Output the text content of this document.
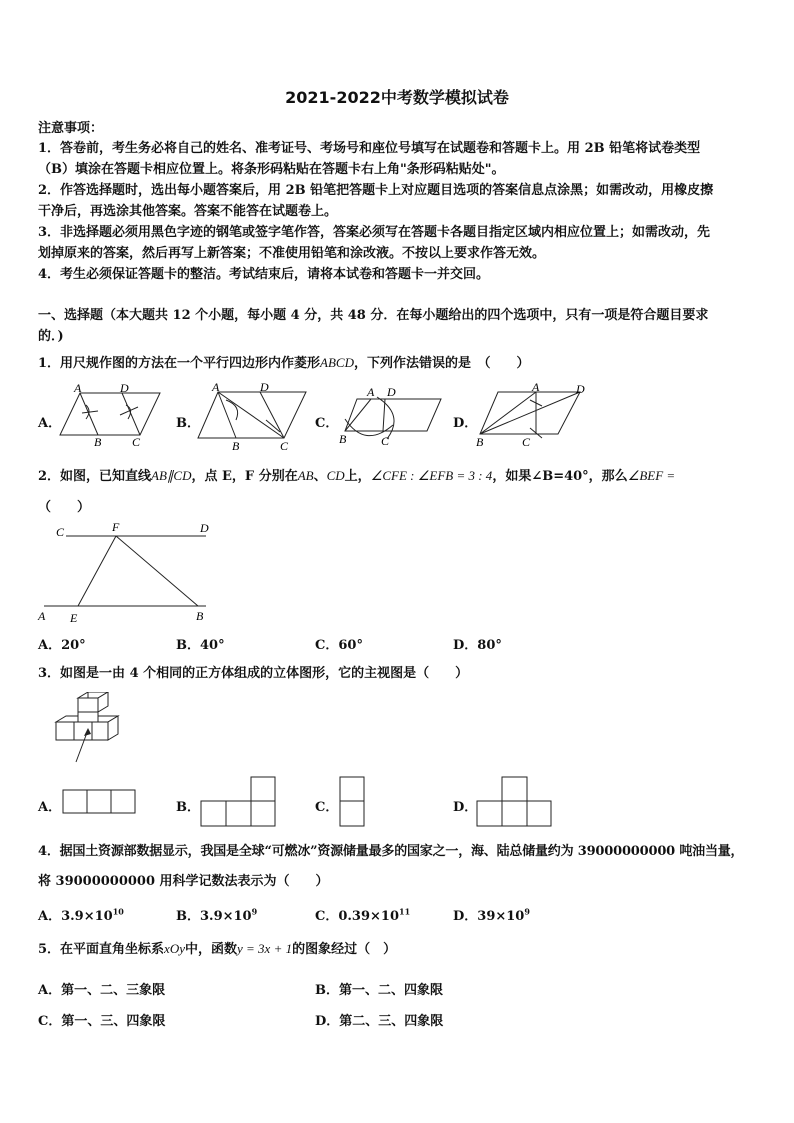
2021-2022中考数学模拟试卷
注意事项：
1．答卷前，考生务必将自己的姓名、准考证号、考场号和座位号填写在试题卷和答题卡上。用 2B 铅笔将试卷类型
（B）填涂在答题卡相应位置上。将条形码粘贴在答题卡右上角"条形码粘贴处"。
2．作答选择题时，选出每小题答案后，用 2B 铅笔把答题卡上对应题目选项的答案信息点涂黑；如需改动，用橡皮擦
干净后，再选涂其他答案。答案不能答在试题卷上。
3．非选择题必须用黑色字迹的钢笔或签字笔作答，答案必须写在答题卡各题目指定区域内相应位置上；如需改动，先
划掉原来的答案，然后再写上新答案；不准使用铅笔和涂改液。不按以上要求作答无效。
4．考生必须保证答题卡的整洁。考试结束后，请将本试卷和答题卡一并交回。
一、选择题（本大题共 12 个小题，每小题 4 分，共 48 分．在每小题给出的四个选项中，只有一项是符合题目要求
的．)
1．用尺规作图的方法在一个平行四边形内作菱形ABCD，下列作法错误的是　（　　）
A．
A	D
B	C
B．
A	D
B	C
C．
A D
B	C
D．
A	D
B	C
2．如图，已知直线AB∥CD，点 E，F 分别在AB、CD上，∠CFE : ∠EFB = 3 : 4，如果∠B=40°，那么∠BEF =
（　　）
C	F	D
A E	B
A．20°	B．40°	C．60°	D．80°
3．如图是一由 4 个相同的正方体组成的立体图形，它的主视图是（　　）
A．	B．	C．	D．
4．据国土资源部数据显示，我国是全球“可燃冰”资源储量最多的国家之一，海、陆总储量约为 39000000000 吨油当量，
将 39000000000 用科学记数法表示为（　　）
A．$3.9\times 10^{10}$	B．$3.9\times 10^9$	C．$0.39\times 10^{11}$	D．$39\times 10^9$
5．在平面直角坐标系xOy中，函数y = 3x + 1的图象经过（　）
A．第一、二、三象限	B．第一、二、四象限
C．第一、三、四象限	D．第二、三、四象限
